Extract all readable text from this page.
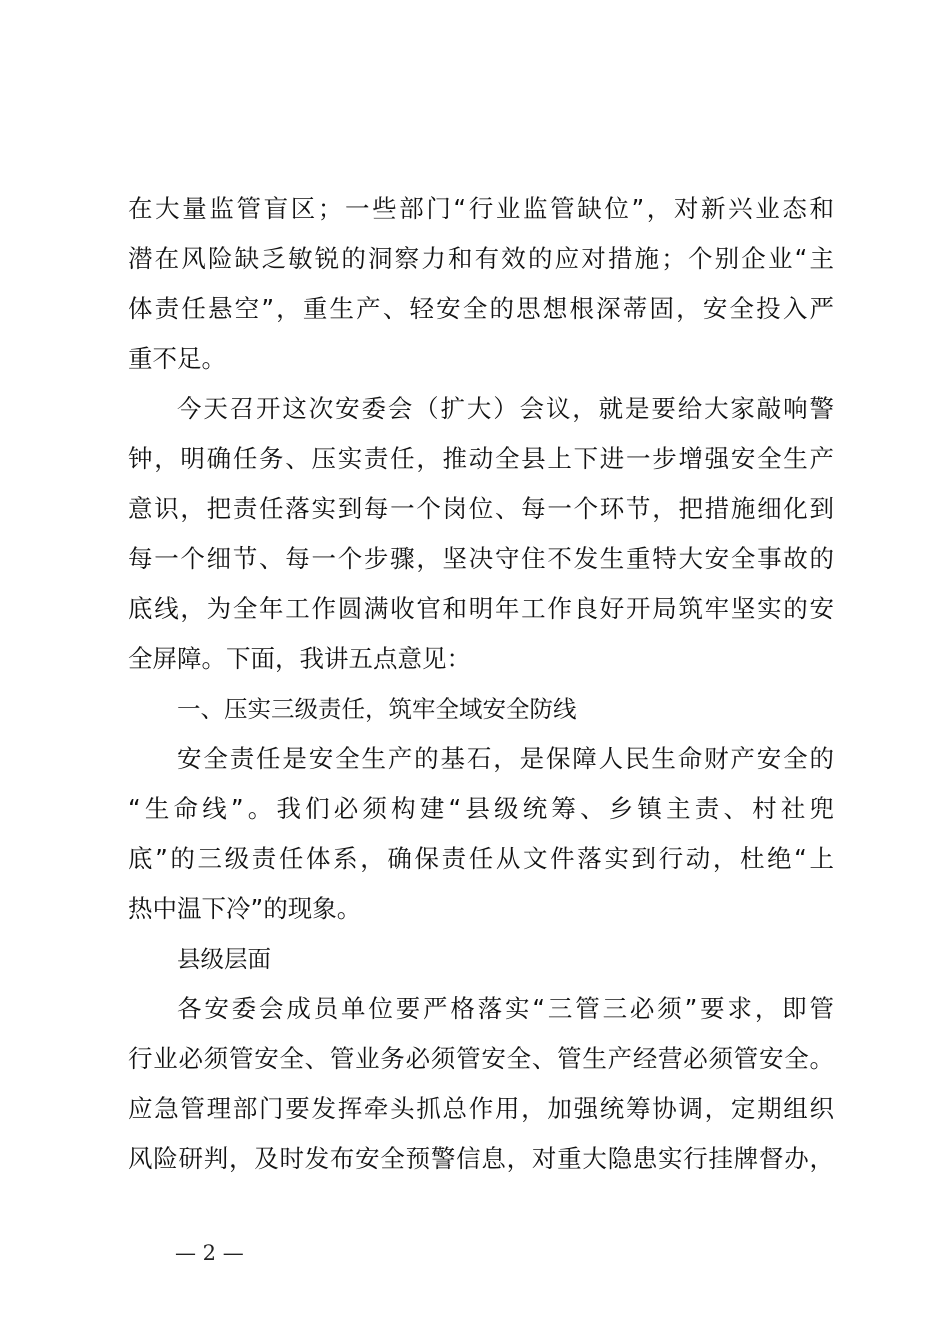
在大量监管盲区；一些部门“行业监管缺位”，对新兴业态和
潜在风险缺乏敏锐的洞察力和有效的应对措施；个别企业“主
体责任悬空”，重生产、轻安全的思想根深蒂固，安全投入严
重不足。
今天召开这次安委会（扩大）会议，就是要给大家敲响警
钟，明确任务、压实责任，推动全县上下进一步增强安全生产
意识，把责任落实到每一个岗位、每一个环节，把措施细化到
每一个细节、每一个步骤，坚决守住不发生重特大安全事故的
底线，为全年工作圆满收官和明年工作良好开局筑牢坚实的安
全屏障。下面，我讲五点意见：
一、压实三级责任，筑牢全域安全防线
安全责任是安全生产的基石，是保障人民生命财产安全的
“生命线”。我们必须构建“县级统筹、乡镇主责、村社兜
底”的三级责任体系，确保责任从文件落实到行动，杜绝“上
热中温下冷”的现象。
县级层面
各安委会成员单位要严格落实“三管三必须”要求，即管
行业必须管安全、管业务必须管安全、管生产经营必须管安全。
应急管理部门要发挥牵头抓总作用，加强统筹协调，定期组织
风险研判，及时发布安全预警信息，对重大隐患实行挂牌督办，
— 2 —
